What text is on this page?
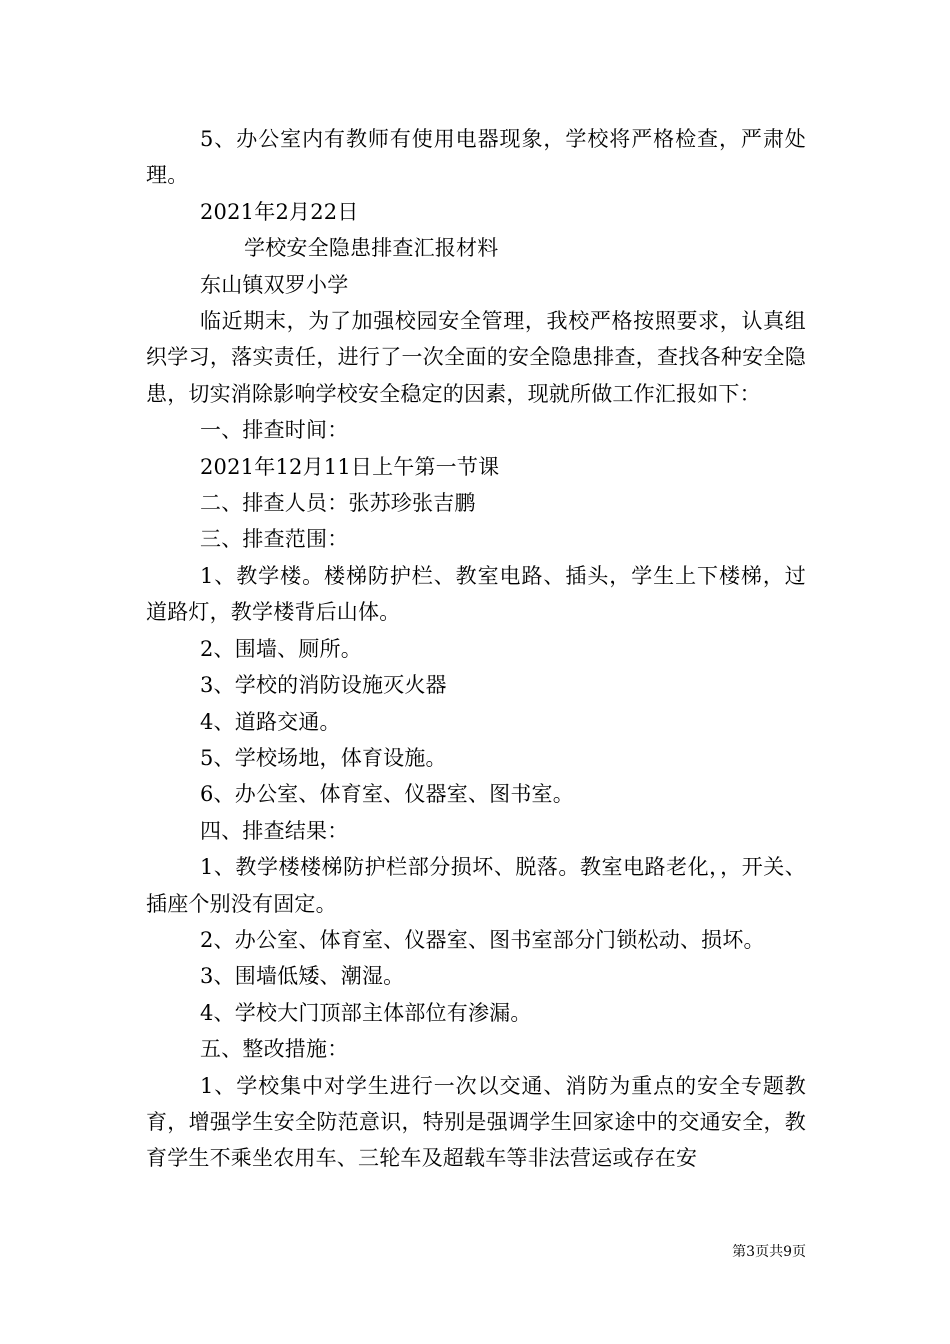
5、办公室内有教师有使用电器现象，学校将严格检查，严肃处理。

2021年2月22日

学校安全隐患排查汇报材料

东山镇双罗小学

临近期末，为了加强校园安全管理，我校严格按照要求，认真组织学习，落实责任，进行了一次全面的安全隐患排查，查找各种安全隐患，切实消除影响学校安全稳定的因素，现就所做工作汇报如下：

一、排查时间：

2021年12月11日上午第一节课

二、排查人员：张苏珍张吉鹏

三、排查范围：

1、教学楼。楼梯防护栏、教室电路、插头，学生上下楼梯，过道路灯，教学楼背后山体。

2、围墙、厕所。

3、学校的消防设施灭火器

4、道路交通。

5、学校场地，体育设施。

6、办公室、体育室、仪器室、图书室。

四、排查结果：

1、教学楼楼梯防护栏部分损坏、脱落。教室电路老化，，开关、插座个别没有固定。

2、办公室、体育室、仪器室、图书室部分门锁松动、损坏。

3、围墙低矮、潮湿。

4、学校大门顶部主体部位有渗漏。

五、整改措施：

1、学校集中对学生进行一次以交通、消防为重点的安全专题教育，增强学生安全防范意识，特别是强调学生回家途中的交通安全，教育学生不乘坐农用车、三轮车及超载车等非法营运或存在安

第3页共9页
